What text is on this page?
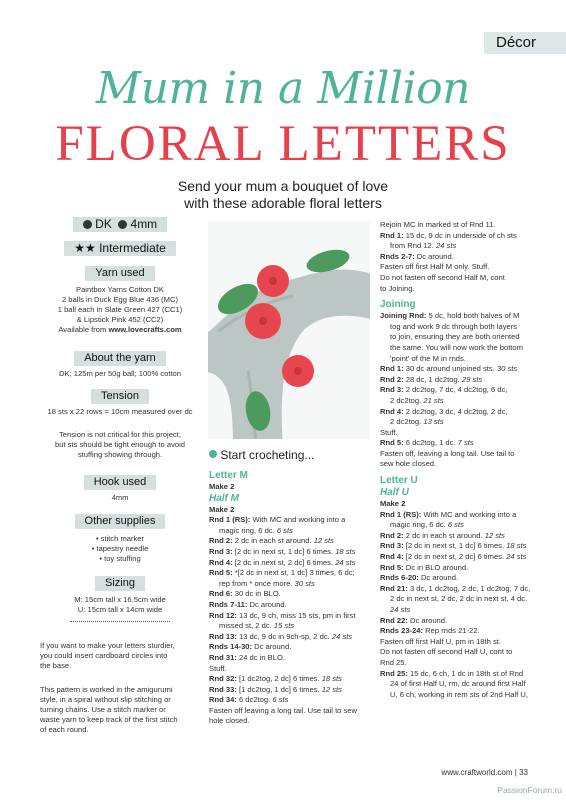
Décor
Mum in a Million
FLORAL LETTERS
Send your mum a bouquet of love
with these adorable floral letters
DK 4mm
★★ Intermediate
Yarn used
Paintbox Yarns Cotton DK
2 balls in Duck Egg Blue 436 (MC)
1 ball each in Slate Green 427 (CC1)
& Lipstick Pink 452 (CC2)
Available from www.lovecrafts.com
About the yarn
DK; 125m per 50g ball; 100% cotton
Tension
18 sts x 22 rows = 10cm measured over dc
Tension is not critical for this project,
but sts should be tight enough to avoid
stuffing showing through.
Hook used
4mm
Other supplies
• stitch marker
• tapestry needle
• toy stuffing
Sizing
M: 15cm tall x 16.5cm wide
U: 15cm tall x 14cm wide
If you want to make your letters sturdier,
you could insert cardboard circles into
the base.
This pattern is worked in the amigurumi
style, in a spiral without slip stitching or
turning chains. Use a stitch marker or
waste yarn to keep track of the first stitch
of each round.
Start crocheting...
Letter M
Make 2
Half M
Make 2
Rnd 1 (RS): With MC and working into a
magic ring, 6 dc. 6 sts
Rnd 2: 2 dc in each st around. 12 sts
Rnd 3: [2 dc in next st, 1 dc] 6 times. 18 sts
Rnd 4: [2 dc in next st, 2 dc] 6 times. 24 sts
Rnd 5: *[2 dc in next st, 1 dc] 3 times, 6 dc;
rep from * once more. 30 sts
Rnd 6: 30 dc in BLO.
Rnds 7-11: Dc around.
Rnd 12: 13 dc, 9 ch, miss 15 sts, pm in first
missed st, 2 dc. 15 sts
Rnd 13: 13 dc, 9 dc in 9ch-sp, 2 dc. 24 sts
Rnds 14-30: Dc around.
Rnd 31: 24 dc in BLO.
Stuff.
Rnd 32: [1 dc2tog, 2 dc] 6 times. 18 sts
Rnd 33: [1 dc2tog, 1 dc] 6 times. 12 sts
Rnd 34: 6 dc2tog. 6 sts
Fasten off leaving a long tail. Use tail to sew
hole closed.
Rejoin MC in marked st of Rnd 11.
Rnd 1: 15 dc, 9 dc in underside of ch sts
from Rnd 12. 24 sts
Rnds 2-7: Dc around.
Fasten off first Half M only. Stuff.
Do not fasten off second Half M, cont
to Joining.
Joining
Joining Rnd: 5 dc, hold both halves of M
tog and work 9 dc through both layers
to join, ensuring they are both oriented
the same. You will now work the bottom
'point' of the M in rnds.
Rnd 1: 30 dc around unjoined sts. 30 sts
Rnd 2: 28 dc, 1 dc2tog. 29 sts
Rnd 3: 2 dc2tog, 7 dc, 4 dc2tog, 6 dc,
2 dc2tog. 21 sts
Rnd 4: 2 dc2tog, 3 dc, 4 dc2tog, 2 dc,
2 dc2tog. 13 sts
Stuff.
Rnd 5: 6 dc2tog, 1 dc. 7 sts
Fasten off, leaving a long tail. Use tail to
sew hole closed.
Letter U
Half U
Make 2
Rnd 1 (RS): With MC and working into a
magic ring, 6 dc. 6 sts
Rnd 2: 2 dc in each st around. 12 sts
Rnd 3: [2 dc in next st, 1 dc] 6 times. 18 sts
Rnd 4: [2 dc in next st, 2 dc] 6 times. 24 sts
Rnd 5: Dc in BLO around.
Rnds 6-20: Dc around.
Rnd 21: 3 dc, 1 dc2tog, 2 dc, 1 dc2tog, 7 dc,
2 dc in next st, 2 dc, 2 dc in next st, 4 dc.
24 sts
Rnd 22: Dc around.
Rnds 23-24: Rep rnds 21-22.
Fasten off first Half U, pm in 18th st.
Do not fasten off second Half U, cont to
Rnd 25.
Rnd 25: 15 dc, 6 ch, 1 dc in 18th st of Rnd
24 of first Half U, rm, dc around first Half
U, 6 ch, working in rem sts of 2nd Half U,
www.craftworld.com | 33
PassionForum.ru
